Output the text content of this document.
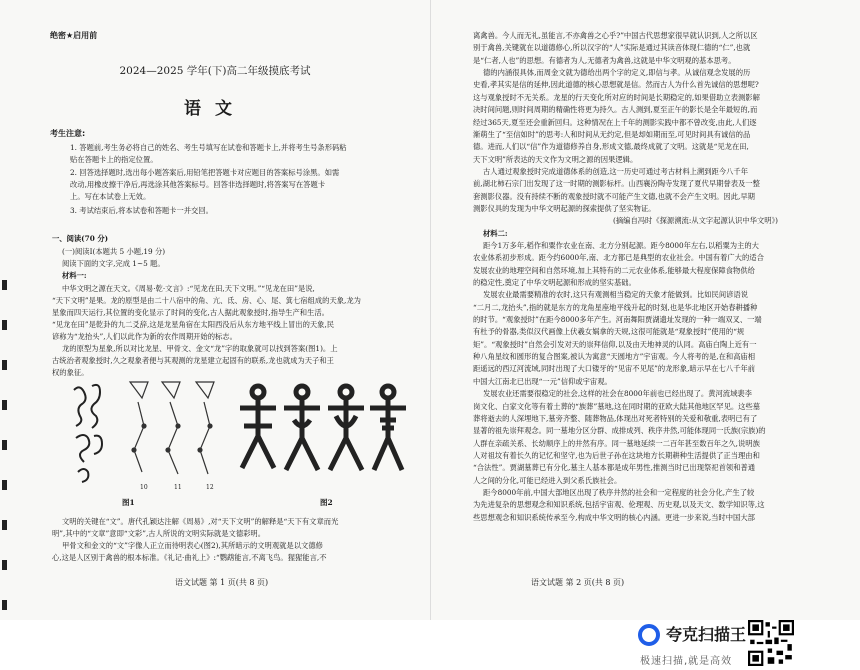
绝密★启用前
2024—2025 学年(下)高二年级摸底考试
语文
考生注意:
1. 答题前,考生务必将自己的姓名、考生号填写在试卷和答题卡上,并将考生号条形码粘
贴在答题卡上的指定位置。
2. 回答选择题时,选出每小题答案后,用铅笔把答题卡对应题目的答案标号涂黑。如需
改动,用橡皮擦干净后,再选涂其他答案标号。回答非选择题时,将答案写在答题卡
上。写在本试卷上无效。
3. 考试结束后,将本试卷和答题卡一并交回。
一、阅读(70 分)
(一)阅读Ⅰ(本题共 5 小题,19 分)
阅读下面的文字,完成 1~5 题。
材料一:
中华文明之源在天文。《周易·乾·文言》:“见龙在田,天下文明。”“见龙在田”是说,
“天下文明”是果。龙的原型是由二十八宿中的角、亢、氐、房、心、尾、箕七宿组成的天象,龙为
星象而四天运行,其位置的变化显示了时间的变化,古人据此观象授时,指导生产和生活。
“见龙在田”是乾卦的九二爻辞,这是龙星角宿在太阳西没后从东方地平线上冒出的天象,民
谚称为“龙抬头”,人们以此作为新的农作周期开始的标志。
龙的原型为星象,所以对比龙星、甲骨文、金文“龙”字的取象就可以找到答案(图1)。上
古统治者观象授时,久之观象者便与其观测的龙星建立起固有的联系,龙也就成为天子和王
权的象征。
图1	图2
10	11	12
文明的关键在“文”。唐代孔颖达注解《周易》,对“天下文明”的解释是“天下有文章而光
明”,其中的“文章”意即“文彩”,古人所说的文明实际就是文德彩明。
甲骨文和金文的“文”字像人正立而待明表心(图2),其所暗示的文明观就是以文德修
心,这是人区别于禽兽的根本标准。《礼记·曲礼上》:“鹦鹉能言,不离飞鸟。猩猩能言,不
语文试题 第 1 页(共 8 页)
离禽兽。今人而无礼,虽能言,不亦禽兽之心乎?”中国古代思想家很早就认识到,人之所以区
别于禽兽,关键就在以道德修心,所以汉字的“人”实际是通过其读音体现仁德的“仁”,也就
是“仁者,人也”的思想。有德者为人,无德者为禽兽,这就是中华文明观的基本思考。
德的内涵很具体,而周金文就为德给出两个字的定义,即信与孝。从诚信观念发展的历
史看,孝其实是信的延伸,因此道德的核心思想就是信。然而古人为什么首先诚信的思想呢?
这与观象授时不无关系。龙星的行天变化所对应的时间是长期稳定的,如果借助立表测影解
决时间问题,则时间周期的精确性将更为持久。古人测到,夏至正午的影长是全年最短的,而
经过365天,夏至还会重新回归。这种情况在上千年的测影实践中都不曾改变,由此,人们逐
渐萌生了“至信如时”的思考:人和时间从无约定,但是却如期而至,可见时间具有诚信的品
德。进而,人们以“信”作为道德修养自身,形成文德,最终成就了文明。这就是“见龙在田,
天下文明”所表达的天文作为文明之源的因果逻辑。
古人通过观象授时完成道德体系的创造,这一历史可通过考古材料上溯到距今八千年
前,湖北柿石宗门出发现了这一时期的测影标杆。山西襄汾陶寺发现了夏代早期誉表及一整
套测影仪器。没有持续不断的观象授时就不可能产生文德,也就不会产生文明。因此,早期
测影仪具的发现为中华文明起源的探索提供了坚实物证。
(摘编自冯时《探源溯流:从文字起源认识中华文明》)
材料二:
距今1万多年,稻作和粟作农业在南、北方分别起源。距今8000年左右,以稻粟为主的大
农业体系初步形成。距今约6000年,南、北方都已是典型的农业社会。中国有着广大的适合
发展农业的地理空间和自然环境,加上其特有的二元农业体系,能够最大程度保障食物供给
的稳定性,奠定了中华文明起源和形成的坚实基础。
发展农业最需要精准的农时,这只有观测相当稳定的天象才能做到。比如民间谚语说
“二月二,龙抬头”,指的就是东方的龙角星座地平线升起的时刻,也是华北地区开始春耕播种
的时节。“观象授时”在距今8000多年产生。河南舞阳贾湖遗址发现的一种一端双叉、一端
有杜予的骨器,类似汉代画像上伏羲女娲拿的天规,这很可能就是“观象授时”使用的“规
矩”。“观象授时”自然会引发对天的崇拜信仰,以及由天地神灵的认同。高庙白陶上近有一
种八角星纹和圆形的复合图案,被认为寓意“天圆地方”宇宙观。今人将考的是,在和高庙相
距遥远的西辽河流域,同时出现了大口镂牙的“见宙不见尾”的龙形象,暗示早在七八千年前
中国大江南北已出现“一元”信仰或宇宙观。
发展农业还需要很稳定的社会,这样的社会在8000年前也已经出现了。黄河流域裴李
岗文化、白家文化等有着土葬的“族葬”墓地,这在同时期的亚欧大陆其他地区罕见。这些墓
葬将逝去的人深埋地下,墓旁齐整、随葬物品,体现出对死者特别的关爱和敬重,表明已有了
显著的祖先崇拜观念。同一墓地分区分群、成排成列、秩序井然,可能体现同一氏族(宗族)的
人群在亲疏关系、长幼顺序上的井然有序。同一墓地延续一二百年甚至数百年之久,说明族
人对祖坟有着长久的记忆和坚守,也为后世子孙在这块地方长期耕种生活提供了正当理由和
“合法性”。贾湖墓葬已有分化,墓主人基本都是成年男性,推测当时已出现祭祀首领和普通
人之间的分化,可能已经进入到父系氏族社会。
距今8000年前,中国大部地区出现了秩序井然的社会和一定程度的社会分化,产生了较
为先进复杂的思想观念和知识系统,包括宇宙观、伦理观、历史观,以及天文、数学知识等,这
些思想观念和知识系统传承至今,构成中华文明的核心内涵。更进一步来说,当时中国大部
语文试题 第 2 页(共 8 页)
夸克扫描王
极速扫描,就是高效
